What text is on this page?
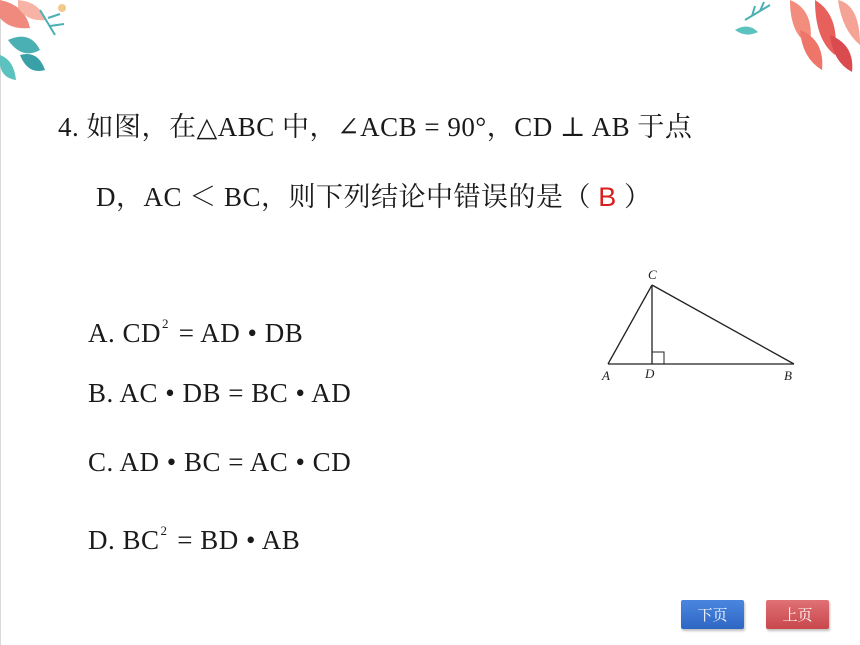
4. 如图，在△ABC 中，∠ACB = 90°，CD ⊥ AB 于点
D，AC ＜ BC，则下列结论中错误的是（ B ）
A. $CD^2$ = AD • DB
B. AC • DB = BC • AD
C. AD • BC = AC • CD
D. $BC^2$ = BD • AB
C
A	D	B
下页	上页
